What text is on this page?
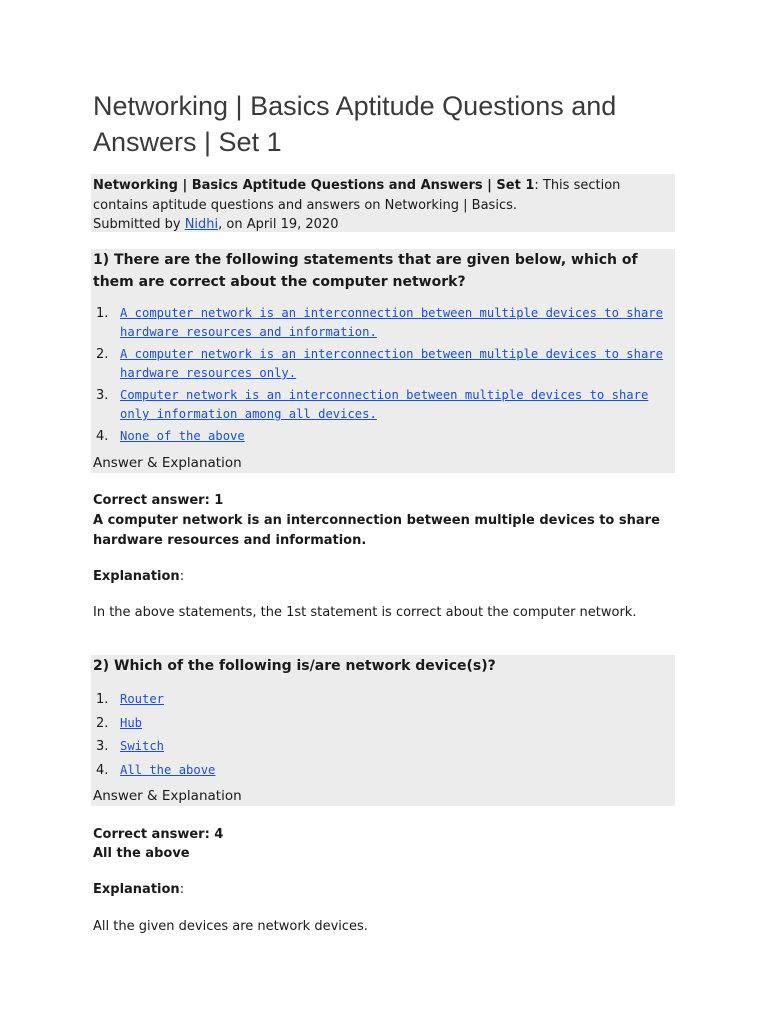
Networking | Basics Aptitude Questions and Answers | Set 1
Networking | Basics Aptitude Questions and Answers | Set 1: This section contains aptitude questions and answers on Networking | Basics.
Submitted by Nidhi, on April 19, 2020
1) There are the following statements that are given below, which of them are correct about the computer network?
1. A computer network is an interconnection between multiple devices to share hardware resources and information.
2. A computer network is an interconnection between multiple devices to share hardware resources only.
3. Computer network is an interconnection between multiple devices to share only information among all devices.
4. None of the above
Answer & Explanation

Correct answer: 1

A computer network is an interconnection between multiple devices to share hardware resources and information.

Explanation:

In the above statements, the 1st statement is correct about the computer network.

2) Which of the following is/are network device(s)?
1. Router
2. Hub
3. Switch
4. All the above
Answer & Explanation

Correct answer: 4

All the above

Explanation:

All the given devices are network devices.
